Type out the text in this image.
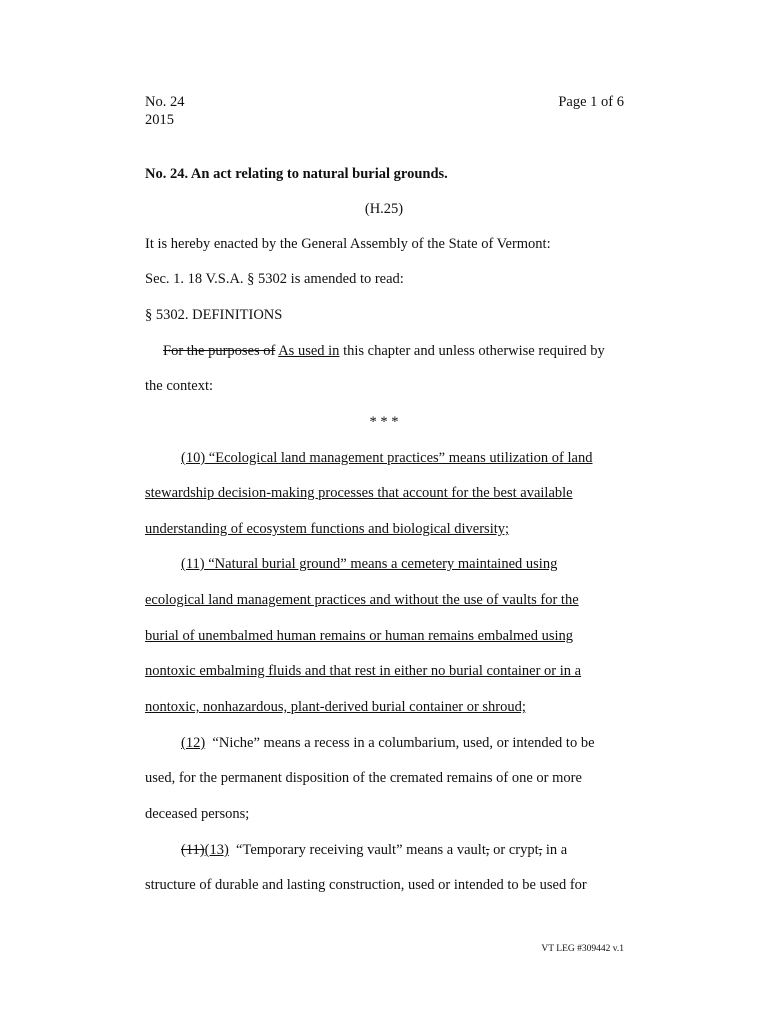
No. 24	Page 1 of 6
2015
No. 24. An act relating to natural burial grounds.
(H.25)
It is hereby enacted by the General Assembly of the State of Vermont:
Sec. 1. 18 V.S.A. § 5302 is amended to read:
§ 5302. DEFINITIONS
For the purposes of As used in this chapter and unless otherwise required by
the context:
* * *
(10) “Ecological land management practices” means utilization of land
stewardship decision-making processes that account for the best available
understanding of ecosystem functions and biological diversity;
(11) “Natural burial ground” means a cemetery maintained using
ecological land management practices and without the use of vaults for the
burial of unembalmed human remains or human remains embalmed using
nontoxic embalming fluids and that rest in either no burial container or in a
nontoxic, nonhazardous, plant-derived burial container or shroud;
(12)  “Niche” means a recess in a columbarium, used, or intended to be
used, for the permanent disposition of the cremated remains of one or more
deceased persons;
(11)(13)  “Temporary receiving vault” means a vault, or crypt, in a
structure of durable and lasting construction, used or intended to be used for
VT LEG #309442 v.1
